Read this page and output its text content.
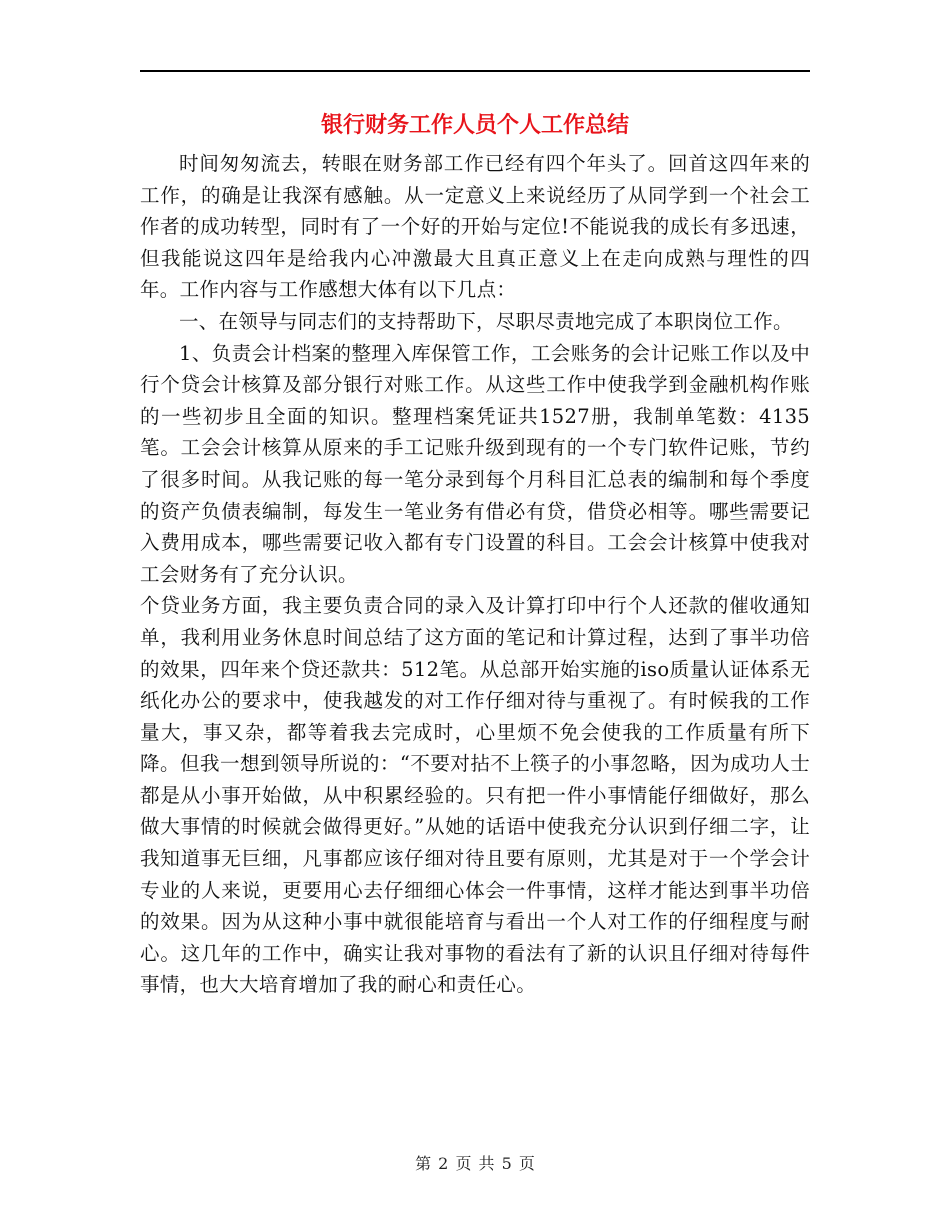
银行财务工作人员个人工作总结

时间匆匆流去，转眼在财务部工作已经有四个年头了。回首这四年来的工作，的确是让我深有感触。从一定意义上来说经历了从同学到一个社会工作者的成功转型，同时有了一个好的开始与定位!不能说我的成长有多迅速，但我能说这四年是给我内心冲激最大且真正意义上在走向成熟与理性的四年。工作内容与工作感想大体有以下几点：

一、在领导与同志们的支持帮助下，尽职尽责地完成了本职岗位工作。

1、负责会计档案的整理入库保管工作，工会账务的会计记账工作以及中行个贷会计核算及部分银行对账工作。从这些工作中使我学到金融机构作账的一些初步且全面的知识。整理档案凭证共1527册，我制单笔数：4135笔。工会会计核算从原来的手工记账升级到现有的一个专门软件记账，节约了很多时间。从我记账的每一笔分录到每个月科目汇总表的编制和每个季度的资产负债表编制，每发生一笔业务有借必有贷，借贷必相等。哪些需要记入费用成本，哪些需要记收入都有专门设置的科目。工会会计核算中使我对工会财务有了充分认识。

个贷业务方面，我主要负责合同的录入及计算打印中行个人还款的催收通知单，我利用业务休息时间总结了这方面的笔记和计算过程，达到了事半功倍的效果，四年来个贷还款共：512笔。从总部开始实施的iso质量认证体系无纸化办公的要求中，使我越发的对工作仔细对待与重视了。有时候我的工作量大，事又杂，都等着我去完成时，心里烦不免会使我的工作质量有所下降。但我一想到领导所说的：“不要对拈不上筷子的小事忽略，因为成功人士都是从小事开始做，从中积累经验的。只有把一件小事情能仔细做好，那么做大事情的时候就会做得更好。”从她的话语中使我充分认识到仔细二字，让我知道事无巨细，凡事都应该仔细对待且要有原则，尤其是对于一个学会计专业的人来说，更要用心去仔细细心体会一件事情，这样才能达到事半功倍的效果。因为从这种小事中就很能培育与看出一个人对工作的仔细程度与耐心。这几年的工作中，确实让我对事物的看法有了新的认识且仔细对待每件事情，也大大培育增加了我的耐心和责任心。

第 2 页 共 5 页
